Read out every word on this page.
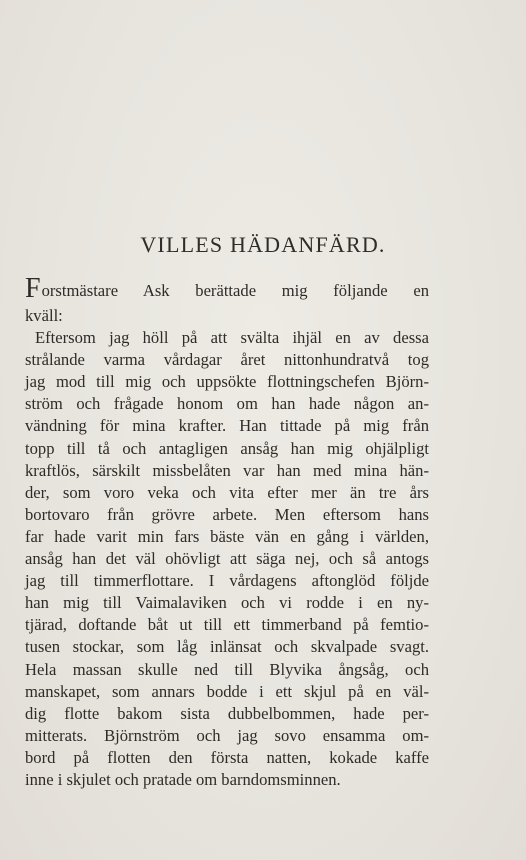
VILLES HÄDANFÄRD.
Forstmästare Ask berättade mig följande en
kväll:
Eftersom jag höll på att svälta ihjäl en av dessa
strålande varma vårdagar året nittonhundratvå tog
jag mod till mig och uppsökte flottningschefen Björn-
ström och frågade honom om han hade någon an-
vändning för mina krafter. Han tittade på mig från
topp till tå och antagligen ansåg han mig ohjälpligt
kraftlös, särskilt missbelåten var han med mina hän-
der, som voro veka och vita efter mer än tre års
bortovaro från grövre arbete. Men eftersom hans
far hade varit min fars bäste vän en gång i världen,
ansåg han det väl ohövligt att säga nej, och så antogs
jag till timmerflottare. I vårdagens aftonglöd följde
han mig till Vaimalaviken och vi rodde i en ny-
tjärad, doftande båt ut till ett timmerband på femtio-
tusen stockar, som låg inlänsat och skvalpade svagt.
Hela massan skulle ned till Blyvika ångsåg, och
manskapet, som annars bodde i ett skjul på en väl-
dig flotte bakom sista dubbelbommen, hade per-
mitterats. Björnström och jag sovo ensamma om-
bord på flotten den första natten, kokade kaffe
inne i skjulet och pratade om barndomsminnen.
